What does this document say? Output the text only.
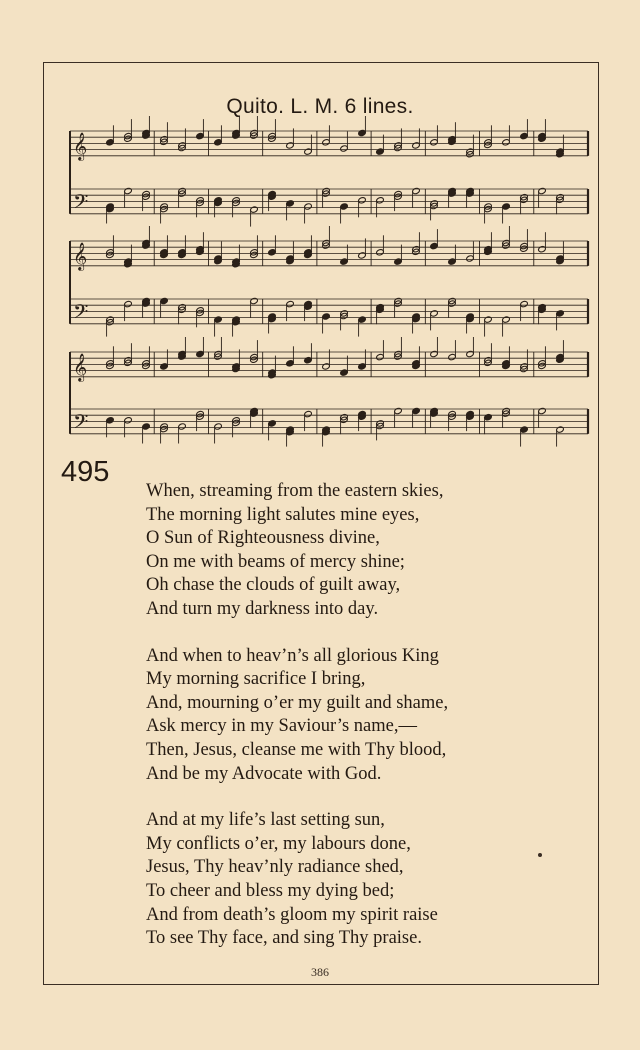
Quito. L. M. 6 lines.
𝄞
𝄢
𝄞
𝄢
𝄞
𝄢
495
When, streaming from the eastern skies,
The morning light salutes mine eyes,
O Sun of Righteousness divine,
On me with beams of mercy shine;
Oh chase the clouds of guilt away,
And turn my darkness into day.
And when to heav’n’s all glorious King
My morning sacrifice I bring,
And, mourning o’er my guilt and shame,
Ask mercy in my Saviour’s name,—
Then, Jesus, cleanse me with Thy blood,
And be my Advocate with God.
And at my life’s last setting sun,
My conflicts o’er, my labours done,
Jesus, Thy heav’nly radiance shed,
To cheer and bless my dying bed;
And from death’s gloom my spirit raise
To see Thy face, and sing Thy praise.
386
